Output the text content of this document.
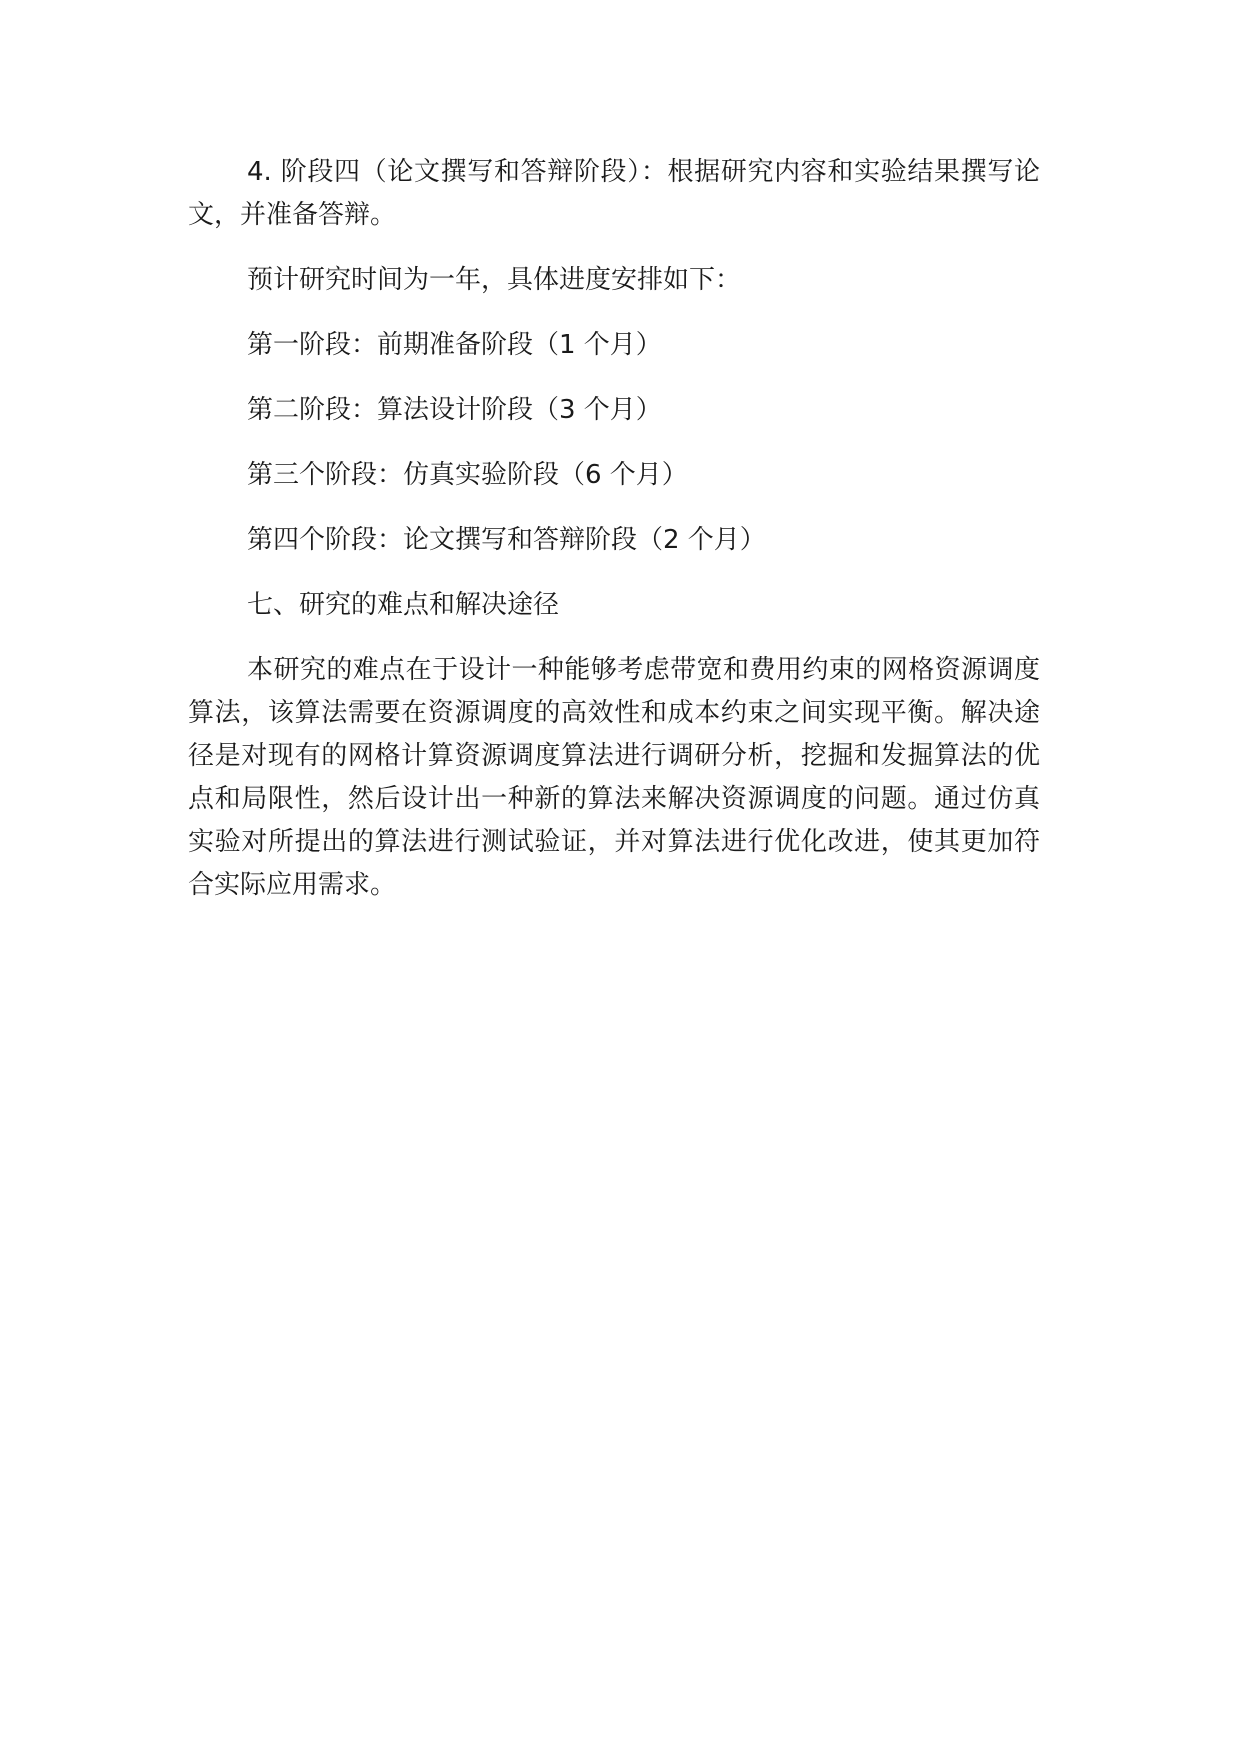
4. 阶段四（论文撰写和答辩阶段）：根据研究内容和实验结果撰写论文，并准备答辩。

预计研究时间为一年，具体进度安排如下：

第一阶段：前期准备阶段（1 个月）

第二阶段：算法设计阶段（3 个月）

第三个阶段：仿真实验阶段（6 个月）

第四个阶段：论文撰写和答辩阶段（2 个月）

七、研究的难点和解决途径

本研究的难点在于设计一种能够考虑带宽和费用约束的网格资源调度算法，该算法需要在资源调度的高效性和成本约束之间实现平衡。解决途径是对现有的网格计算资源调度算法进行调研分析，挖掘和发掘算法的优点和局限性，然后设计出一种新的算法来解决资源调度的问题。通过仿真实验对所提出的算法进行测试验证，并对算法进行优化改进，使其更加符合实际应用需求。
